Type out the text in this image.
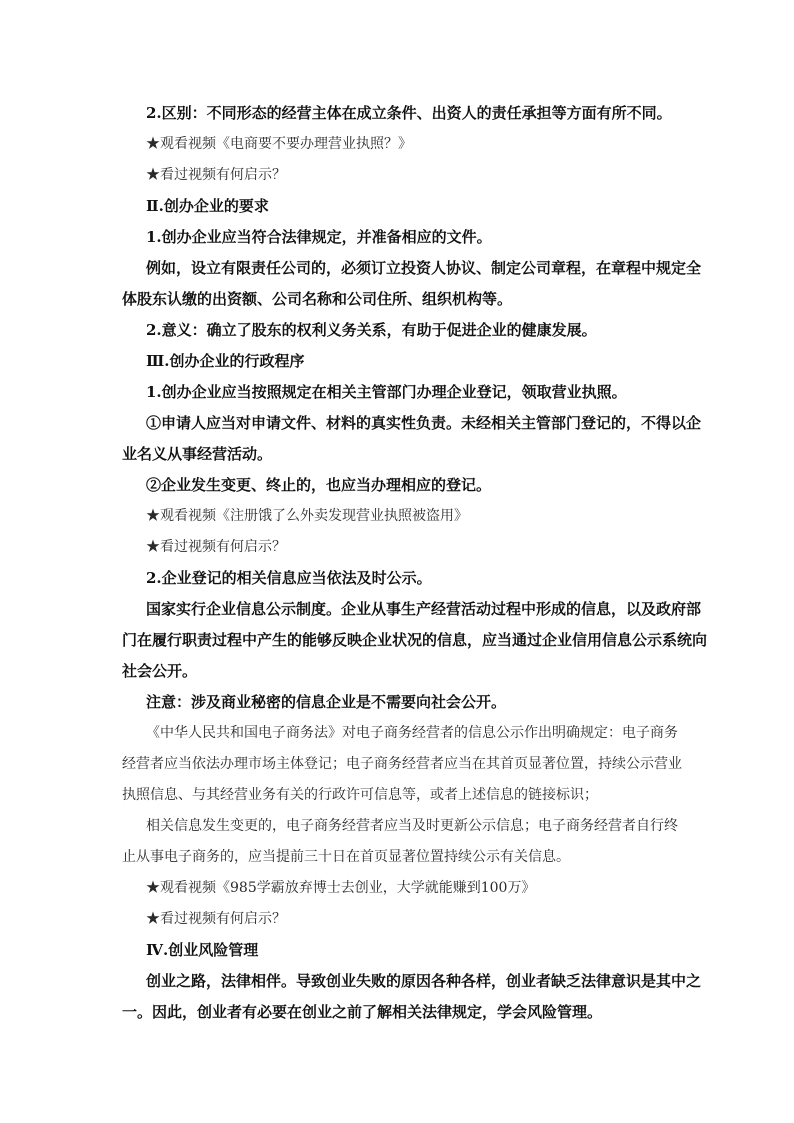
2.区别：不同形态的经营主体在成立条件、出资人的责任承担等方面有所不同。
★观看视频《电商要不要办理营业执照？》
★看过视频有何启示？
Ⅱ.创办企业的要求
1.创办企业应当符合法律规定，并准备相应的文件。
例如，设立有限责任公司的，必须订立投资人协议、制定公司章程，在章程中规定全
体股东认缴的出资额、公司名称和公司住所、组织机构等。
2.意义：确立了股东的权利义务关系，有助于促进企业的健康发展。
Ⅲ.创办企业的行政程序
1.创办企业应当按照规定在相关主管部门办理企业登记，领取营业执照。
①申请人应当对申请文件、材料的真实性负责。未经相关主管部门登记的，不得以企
业名义从事经营活动。
②企业发生变更、终止的，也应当办理相应的登记。
★观看视频《注册饿了么外卖发现营业执照被盗用》
★看过视频有何启示？
2.企业登记的相关信息应当依法及时公示。
国家实行企业信息公示制度。企业从事生产经营活动过程中形成的信息，以及政府部
门在履行职责过程中产生的能够反映企业状况的信息，应当通过企业信用信息公示系统向
社会公开。
注意：涉及商业秘密的信息企业是不需要向社会公开。
《中华人民共和国电子商务法》对电子商务经营者的信息公示作出明确规定：电子商务
经营者应当依法办理市场主体登记；电子商务经营者应当在其首页显著位置，持续公示营业
执照信息、与其经营业务有关的行政许可信息等，或者上述信息的链接标识；
相关信息发生变更的，电子商务经营者应当及时更新公示信息；电子商务经营者自行终
止从事电子商务的，应当提前三十日在首页显著位置持续公示有关信息。
★观看视频《985学霸放弃博士去创业，大学就能赚到100万》
★看过视频有何启示？
Ⅳ.创业风险管理
创业之路，法律相伴。导致创业失败的原因各种各样，创业者缺乏法律意识是其中之
一。因此，创业者有必要在创业之前了解相关法律规定，学会风险管理。
